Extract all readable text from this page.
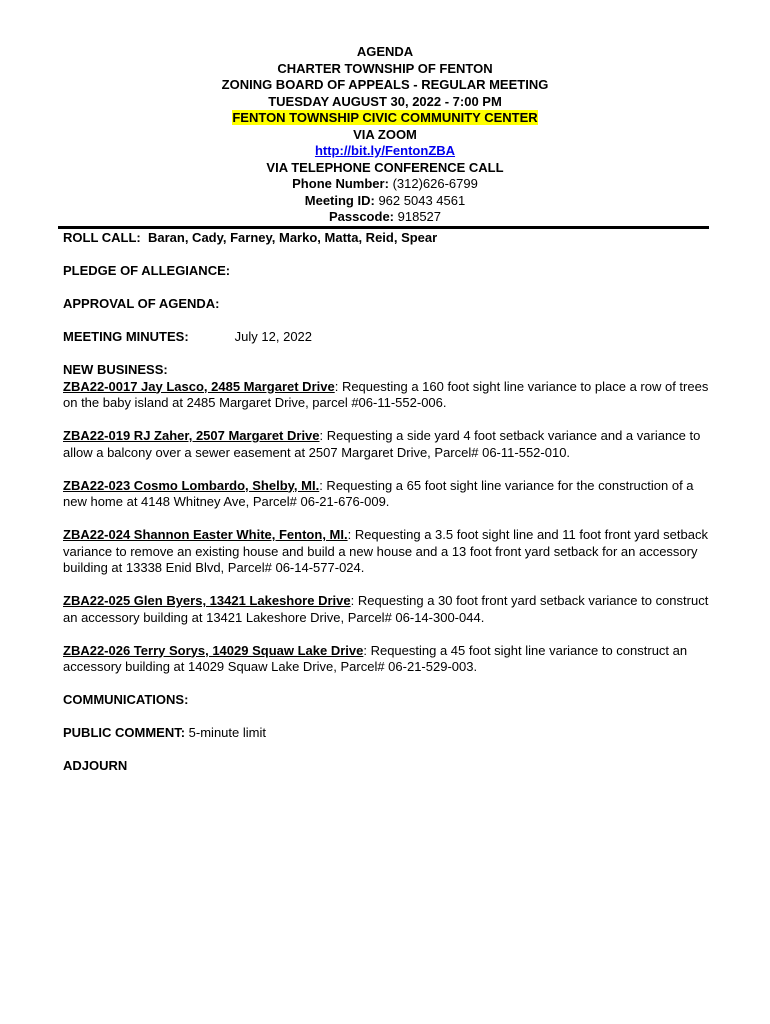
AGENDA
CHARTER TOWNSHIP OF FENTON
ZONING BOARD OF APPEALS - REGULAR MEETING
TUESDAY AUGUST 30, 2022 - 7:00 PM
FENTON TOWNSHIP CIVIC COMMUNITY CENTER
VIA ZOOM
http://bit.ly/FentonZBA
VIA TELEPHONE CONFERENCE CALL
Phone Number: (312)626-6799
Meeting ID: 962 5043 4561
Passcode: 918527
ROLL CALL: Baran, Cady, Farney, Marko, Matta, Reid, Spear
PLEDGE OF ALLEGIANCE:
APPROVAL OF AGENDA:
MEETING MINUTES:	July 12, 2022
NEW BUSINESS:
ZBA22-0017 Jay Lasco, 2485 Margaret Drive: Requesting a 160 foot sight line variance to place a row of trees on the baby island at 2485 Margaret Drive, parcel #06-11-552-006.
ZBA22-019 RJ Zaher, 2507 Margaret Drive: Requesting a side yard 4 foot setback variance and a variance to allow a balcony over a sewer easement at 2507 Margaret Drive, Parcel# 06-11-552-010.
ZBA22-023 Cosmo Lombardo, Shelby, MI.: Requesting a 65 foot sight line variance for the construction of a new home at 4148 Whitney Ave, Parcel# 06-21-676-009.
ZBA22-024 Shannon Easter White, Fenton, MI.: Requesting a 3.5 foot sight line and 11 foot front yard setback variance to remove an existing house and build a new house and a 13 foot front yard setback for an accessory building at 13338 Enid Blvd, Parcel# 06-14-577-024.
ZBA22-025 Glen Byers, 13421 Lakeshore Drive: Requesting a 30 foot front yard setback variance to construct an accessory building at 13421 Lakeshore Drive, Parcel# 06-14-300-044.
ZBA22-026 Terry Sorys, 14029 Squaw Lake Drive: Requesting a 45 foot sight line variance to construct an accessory building at 14029 Squaw Lake Drive, Parcel# 06-21-529-003.
COMMUNICATIONS:
PUBLIC COMMENT: 5-minute limit
ADJOURN
